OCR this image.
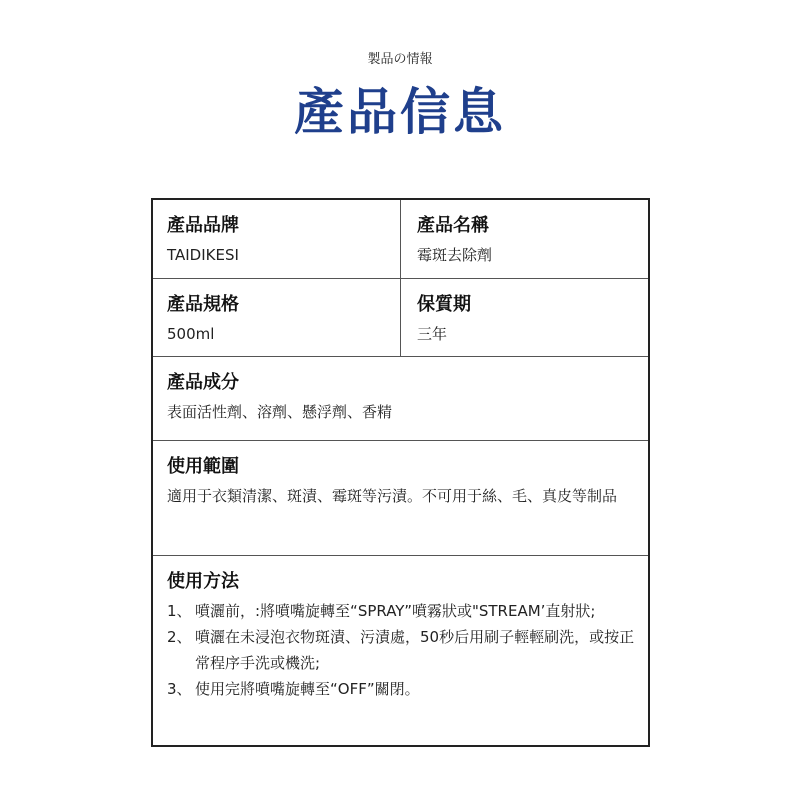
製品の情報
產品信息
產品品牌
TAIDIKESI
產品名稱
霉斑去除劑
產品規格
500ml
保質期
三年
產品成分
表面活性劑、溶劑、懸浮劑、香精
使用範圍
適用于衣類清潔、斑漬、霉斑等污漬。不可用于絲、毛、真皮等制品
使用方法
1、 噴灑前，:將噴嘴旋轉至“SPRAY”噴霧狀或"STREAM’直射狀;
2、 噴灑在未浸泡衣物斑漬、污漬處，50秒后用刷子輕輕刷洗，或按正常程序手洗或機洗;
3、 使用完將噴嘴旋轉至“OFF”關閉。
